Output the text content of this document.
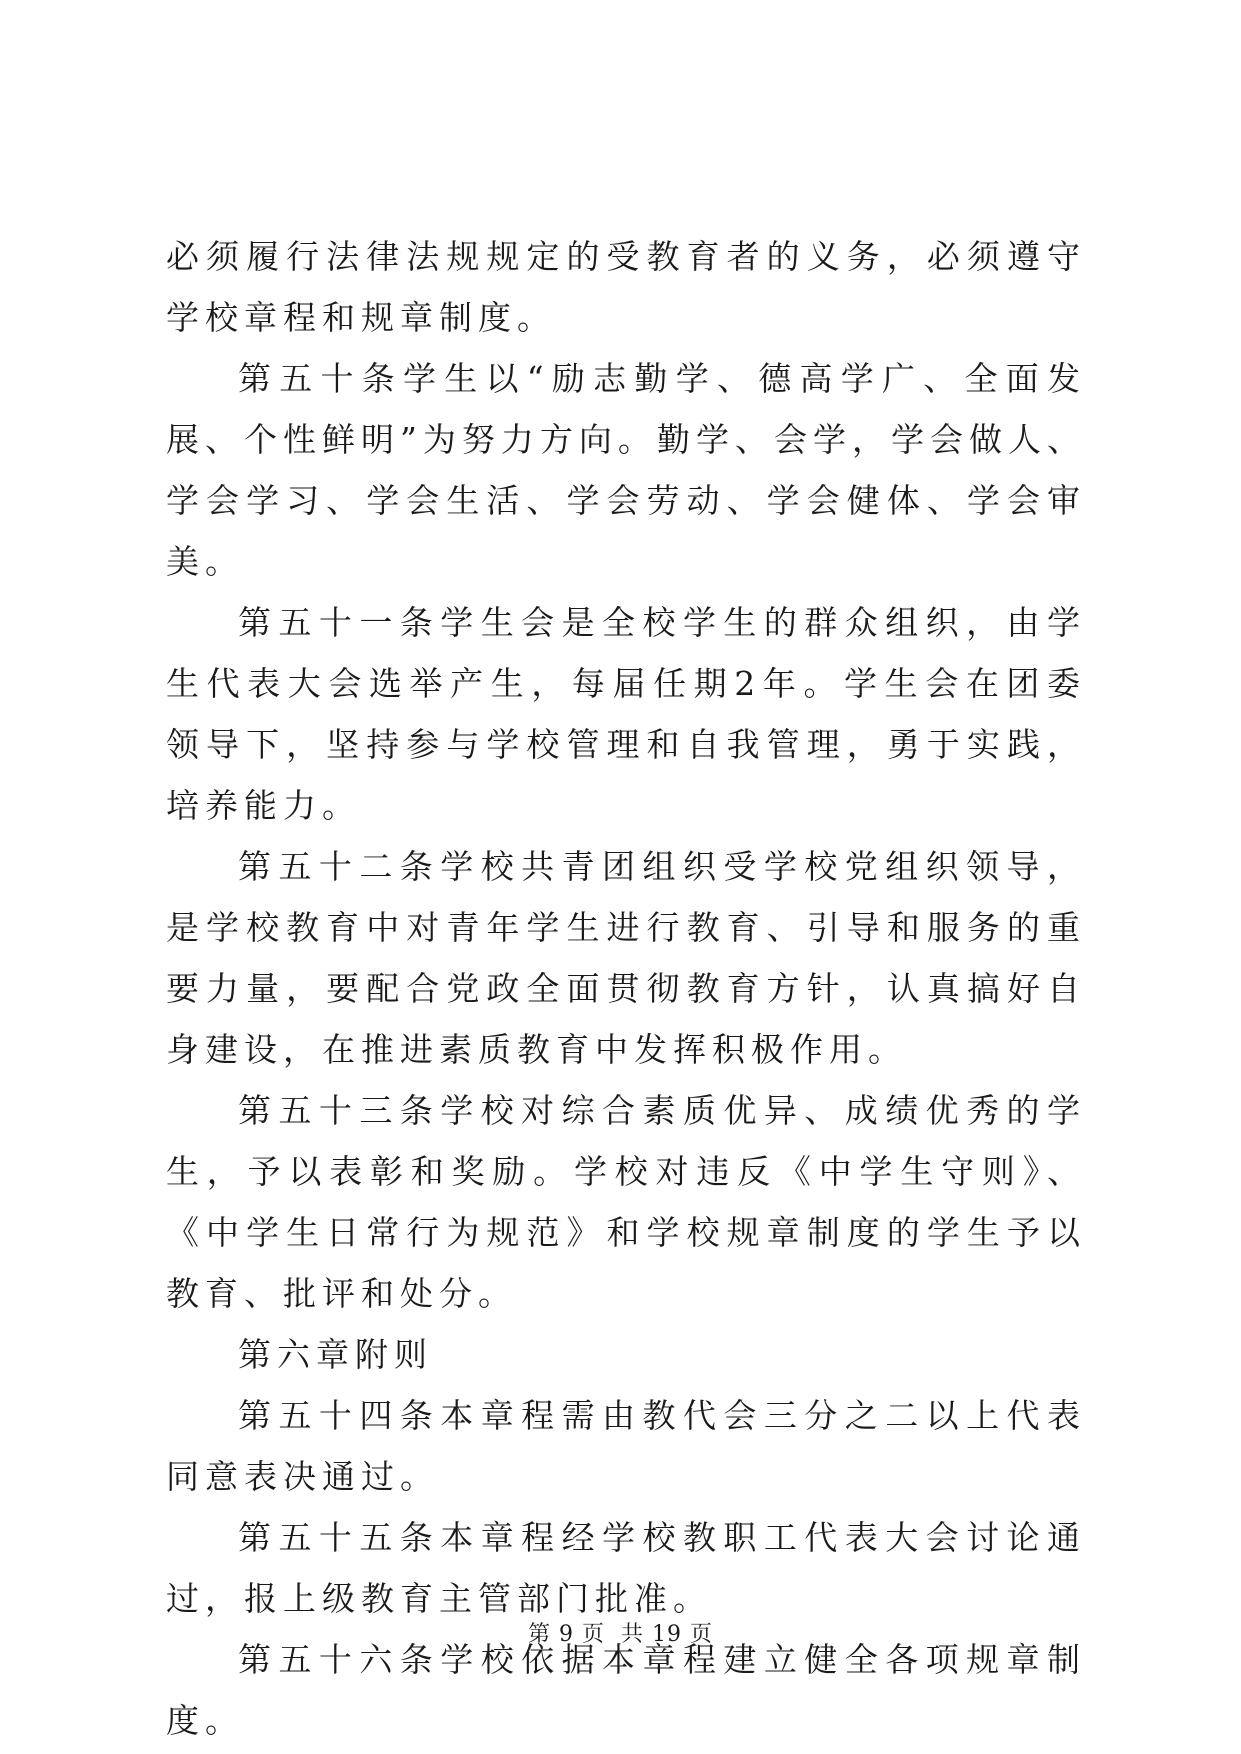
必须履行法律法规规定的受教育者的义务，必须遵守学校章程和规章制度。

第五十条学生以“励志勤学、德高学广、全面发展、个性鲜明”为努力方向。勤学、会学，学会做人、学会学习、学会生活、学会劳动、学会健体、学会审美。

第五十一条学生会是全校学生的群众组织，由学生代表大会选举产生，每届任期2年。学生会在团委领导下，坚持参与学校管理和自我管理，勇于实践，培养能力。

第五十二条学校共青团组织受学校党组织领导，是学校教育中对青年学生进行教育、引导和服务的重要力量，要配合党政全面贯彻教育方针，认真搞好自身建设，在推进素质教育中发挥积极作用。

第五十三条学校对综合素质优异、成绩优秀的学生，予以表彰和奖励。学校对违反《中学生守则》、《中学生日常行为规范》和学校规章制度的学生予以教育、批评和处分。

第六章附则

第五十四条本章程需由教代会三分之二以上代表同意表决通过。

第五十五条本章程经学校教职工代表大会讨论通过，报上级教育主管部门批准。

第五十六条学校依据本章程建立健全各项规章制度。

第 9 页  共 19 页
